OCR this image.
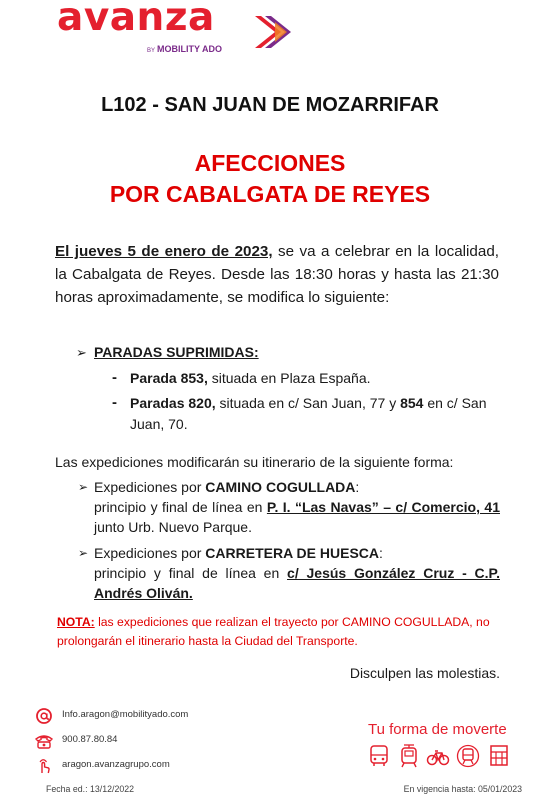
avanza
BY MOBILITY ADO
L102 - SAN JUAN DE MOZARRIFAR
AFECCIONES
POR CABALGATA DE REYES
El jueves 5 de enero de 2023, se va a celebrar en la localidad, la Cabalgata de Reyes. Desde las 18:30 horas y hasta las 21:30 horas aproximadamente, se modifica lo siguiente:
➢ PARADAS SUPRIMIDAS:
- Parada 853, situada en Plaza España.
- Paradas 820, situada en c/ San Juan, 77 y 854 en c/ San Juan, 70.
Las expediciones modificarán su itinerario de la siguiente forma:
➢ Expediciones por CAMINO COGULLADA:
principio y final de línea en P. I. “Las Navas” – c/ Comercio, 41 junto Urb. Nuevo Parque.
➢ Expediciones por CARRETERA DE HUESCA:
principio y final de línea en c/ Jesús González Cruz - C.P. Andrés Oliván.
NOTA: las expediciones que realizan el trayecto por CAMINO COGULLADA, no prolongarán el itinerario hasta la Ciudad del Transporte.
Disculpen las molestias.
Info.aragon@mobilityado.com
900.87.80.84
aragon.avanzagrupo.com
Tu forma de moverte
Fecha ed.: 13/12/2022	En vigencia hasta: 05/01/2023
